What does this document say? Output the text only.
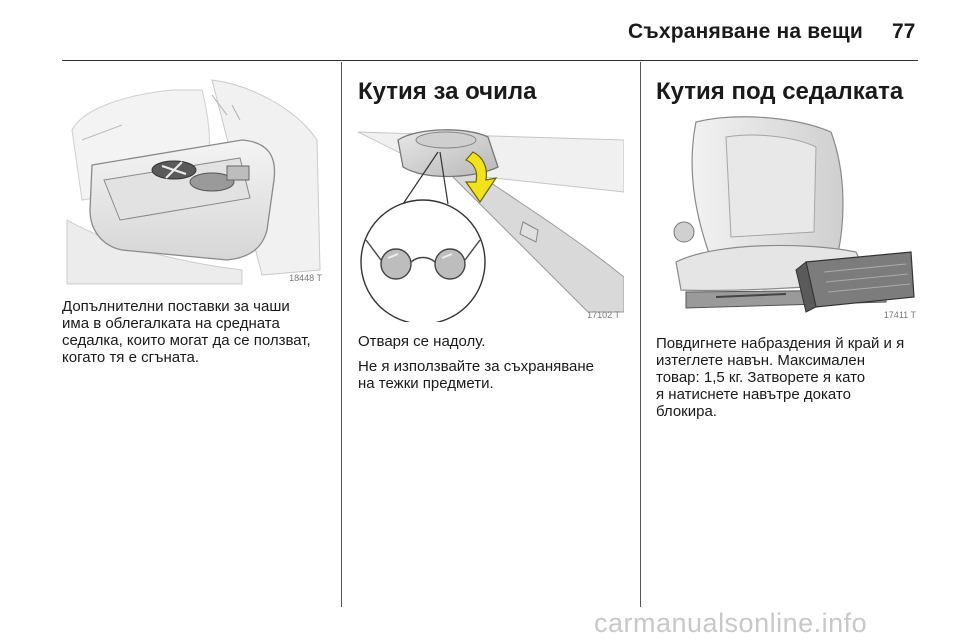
Съхраняване на вещи 77
18448 T
Допълнителни поставки за чаши
има в облегалката на средната
седалка, които могат да се ползват,
когато тя е сгъната.
Кутия за очила
17102 T
Отваря се надолу.
Не я използвайте за съхраняване
на тежки предмети.
Кутия под седалката
17411 T
Повдигнете набраздения й край и я
изтеглете навън. Максимален
товар: 1,5 кг. Затворете я като
я натиснете навътре докато
блокира.
carmanualsonline.info
